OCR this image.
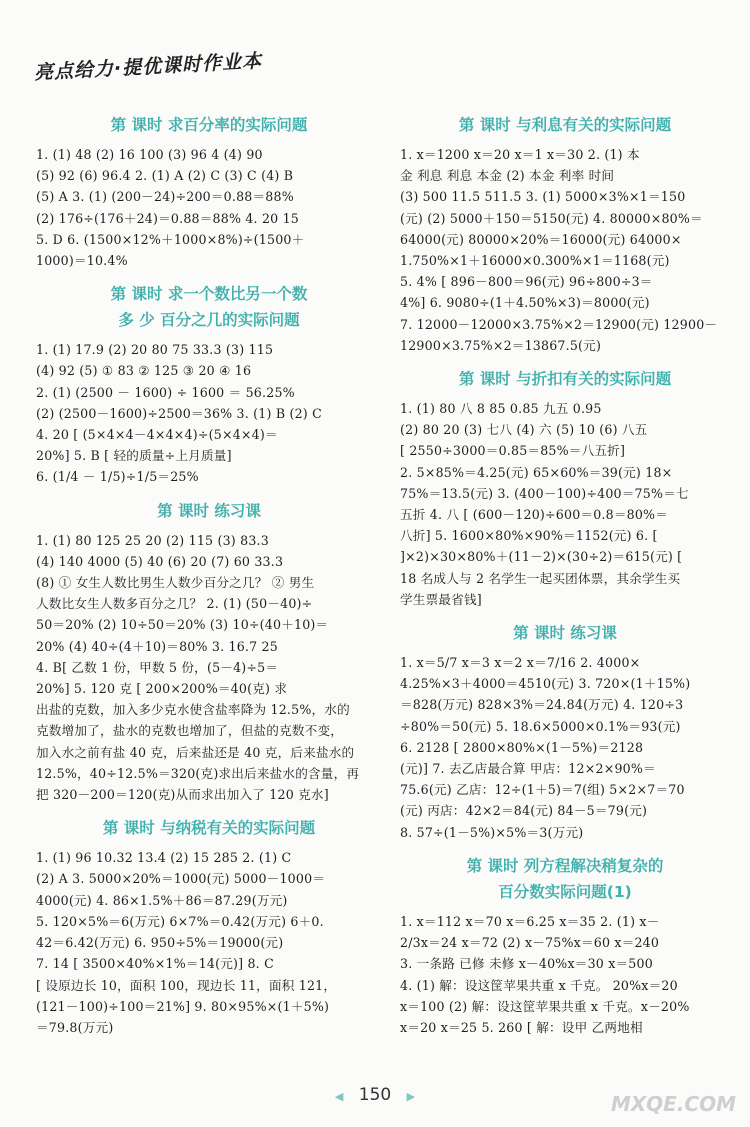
亮点给力·提优课时作业本
第 课时 求百分率的实际问题
1. (1) 48 (2) 16 100 (3) 96 4 (4) 90
(5) 92 (6) 96.4 2. (1) A (2) C (3) C (4) B
(5) A 3. (1) (200－24)÷200＝0.88＝88%
(2) 176÷(176＋24)＝0.88＝88% 4. 20 15
5. D 6. (1500×12%＋1000×8%)÷(1500＋
1000)＝10.4%
第 课时 求一个数比另一个数
多 少 百分之几的实际问题
1. (1) 17.9 (2) 20 80 75 33.3 (3) 115
(4) 92 (5) ① 83 ② 125 ③ 20 ④ 16
2. (1) (2500 － 1600) ÷ 1600 ＝ 56.25%
(2) (2500－1600)÷2500＝36% 3. (1) B (2) C
4. 20 [ (5×4×4－4×4×4)÷(5×4×4)＝
20%] 5. B [ 轻的质量÷上月质量]
6. (1/4 － 1/5)÷1/5＝25%
第 课时 练习课
1. (1) 80 125 25 20 (2) 115 (3) 83.3
(4) 140 4000 (5) 40 (6) 20 (7) 60 33.3
(8) ① 女生人数比男生人数少百分之几？ ② 男生
人数比女生人数多百分之几？ 2. (1) (50－40)÷
50＝20% (2) 10÷50＝20% (3) 10÷(40＋10)＝
20% (4) 40÷(4＋10)＝80% 3. 16.7 25
4. B[ 乙数 1 份，甲数 5 份，(5－4)÷5＝
20%] 5. 120 克 [ 200×200%＝40(克) 求
出盐的克数，加入多少克水使含盐率降为 12.5%，水的
克数增加了，盐水的克数也增加了，但盐的克数不变，
加入水之前有盐 40 克，后来盐还是 40 克，后来盐水的
12.5%，40÷12.5%＝320(克)求出后来盐水的含量，再
把 320－200＝120(克)从而求出加入了 120 克水]
第 课时 与纳税有关的实际问题
1. (1) 96 10.32 13.4 (2) 15 285 2. (1) C
(2) A 3. 5000×20%＝1000(元) 5000－1000＝
4000(元) 4. 86×1.5%＋86＝87.29(万元)
5. 120×5%＝6(万元) 6×7%＝0.42(万元) 6＋0.
42＝6.42(万元) 6. 950÷5%＝19000(元)
7. 14 [ 3500×40%×1%＝14(元)] 8. C
[ 设原边长 10，面积 100，现边长 11，面积 121，
(121－100)÷100＝21%] 9. 80×95%×(1＋5%)
＝79.8(万元)
第 课时 与利息有关的实际问题
1. x＝1200 x＝20 x＝1 x＝30 2. (1) 本
金 利息 利息 本金 (2) 本金 利率 时间
(3) 500 11.5 511.5 3. (1) 5000×3%×1＝150
(元) (2) 5000＋150＝5150(元) 4. 80000×80%＝
64000(元) 80000×20%＝16000(元) 64000×
1.750%×1＋16000×0.300%×1＝1168(元)
5. 4% [ 896－800＝96(元) 96÷800÷3＝
4%] 6. 9080÷(1＋4.50%×3)＝8000(元)
7. 12000－12000×3.75%×2＝12900(元) 12900－
12900×3.75%×2＝13867.5(元)
第 课时 与折扣有关的实际问题
1. (1) 80 八 8 85 0.85 九五 0.95
(2) 80 20 (3) 七八 (4) 六 (5) 10 (6) 八五
[ 2550÷3000＝0.85＝85%＝八五折]
2. 5×85%＝4.25(元) 65×60%＝39(元) 18×
75%＝13.5(元) 3. (400－100)÷400＝75%＝七
五折 4. 八 [ (600－120)÷600＝0.8＝80%＝
八折] 5. 1600×80%×90%＝1152(元) 6. [
]×2)×30×80%＋(11－2)×(30÷2)＝615(元) [
18 名成人与 2 名学生一起买团体票，其余学生买
学生票最省钱]
第 课时 练习课
1. x＝5/7 x＝3 x＝2 x＝7/16 2. 4000×
4.25%×3＋4000＝4510(元) 3. 720×(1＋15%)
＝828(万元) 828×3%＝24.84(万元) 4. 120÷3
÷80%＝50(元) 5. 18.6×5000×0.1%＝93(元)
6. 2128 [ 2800×80%×(1－5%)＝2128
(元)] 7. 去乙店最合算 甲店：12×2×90%＝
75.6(元) 乙店：12÷(1＋5)＝7(组) 5×2×7＝70
(元) 丙店：42×2＝84(元) 84－5＝79(元)
8. 57÷(1－5%)×5%＝3(万元)
第 课时 列方程解决稍复杂的
百分数实际问题(1)
1. x＝112 x＝70 x＝6.25 x＝35 2. (1) x－
2/3x＝24 x＝72 (2) x－75%x＝60 x＝240
3. 一条路 已修 未修 x－40%x＝30 x＝500
4. (1) 解：设这筐苹果共重 x 千克。 20%x＝20
x＝100 (2) 解：设这筐苹果共重 x 千克。x－20%
x＝20 x＝25 5. 260 [ 解：设甲 乙两地相
◀ 150 ▶	MXQE.COM
